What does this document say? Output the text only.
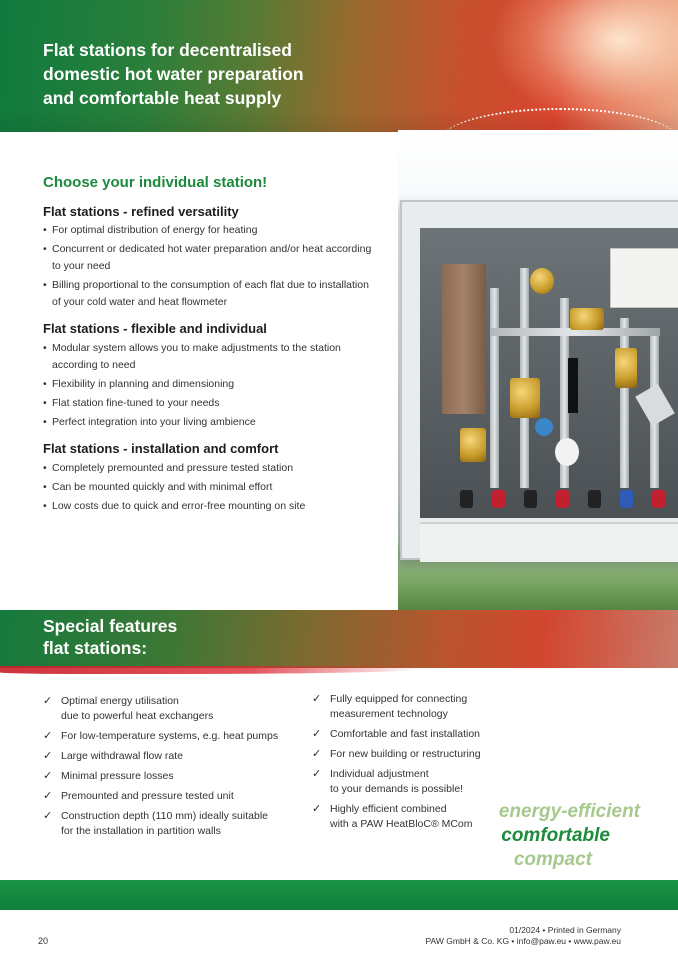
Flat stations for decentralised
domestic hot water preparation
and comfortable heat supply
Choose your individual station!
Flat stations - refined versatility
• For optimal distribution of energy for heating
• Concurrent or dedicated hot water preparation and/or heat according to your need
• Billing proportional to the consumption of each flat due to installation of your cold water and heat flowmeter
Flat stations - flexible and individual
• Modular system allows you to make adjustments to the station according to need
• Flexibility in planning and dimensioning
• Flat station fine-tuned to your needs
• Perfect integration into your living ambience
Flat stations - installation and comfort
• Completely premounted and pressure tested station
• Can be mounted quickly and with minimal effort
• Low costs due to quick and error-free mounting on site
Special features
flat stations:
✓ Optimal energy utilisation
due to powerful heat exchangers
✓ For low-temperature systems, e.g. heat pumps
✓ Large withdrawal flow rate
✓ Minimal pressure losses
✓ Premounted and pressure tested unit
✓ Construction depth (110 mm) ideally suitable
for the installation in partition walls
✓ Fully equipped for connecting
measurement technology
✓ Comfortable and fast installation
✓ For new building or restructuring
✓ Individual adjustment
to your demands is possible!
✓ Highly efficient combined
with a PAW HeatBloC® MCom
energy-efficient
comfortable
compact
20
01/2024 • Printed in Germany
PAW GmbH & Co. KG • info@paw.eu • www.paw.eu
